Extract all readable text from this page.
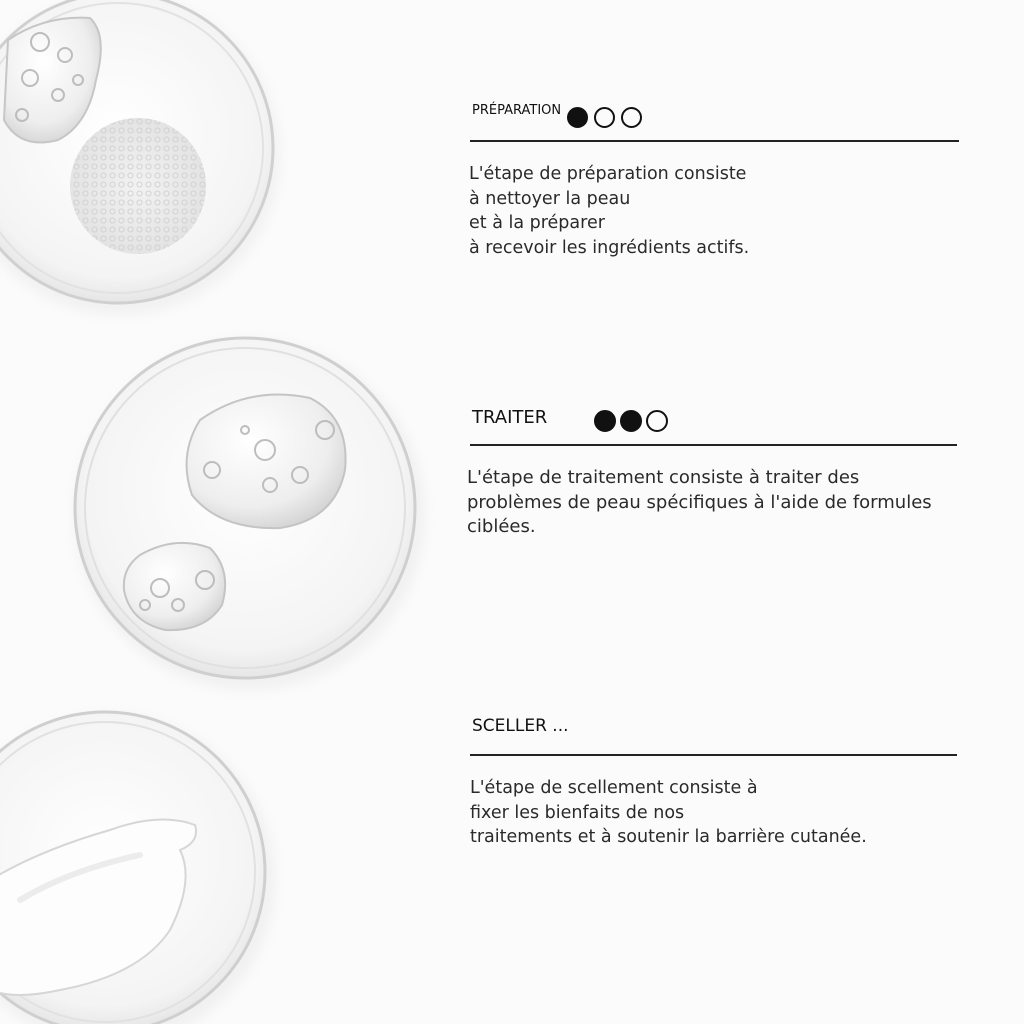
PRÉPARATION
L'étape de préparation consiste
à nettoyer la peau
et à la préparer
à recevoir les ingrédients actifs.
TRAITER
L'étape de traitement consiste à traiter des
problèmes de peau spécifiques à l'aide de formules
ciblées.
SCELLER ...
L'étape de scellement consiste à
fixer les bienfaits de nos
traitements et à soutenir la barrière cutanée.
